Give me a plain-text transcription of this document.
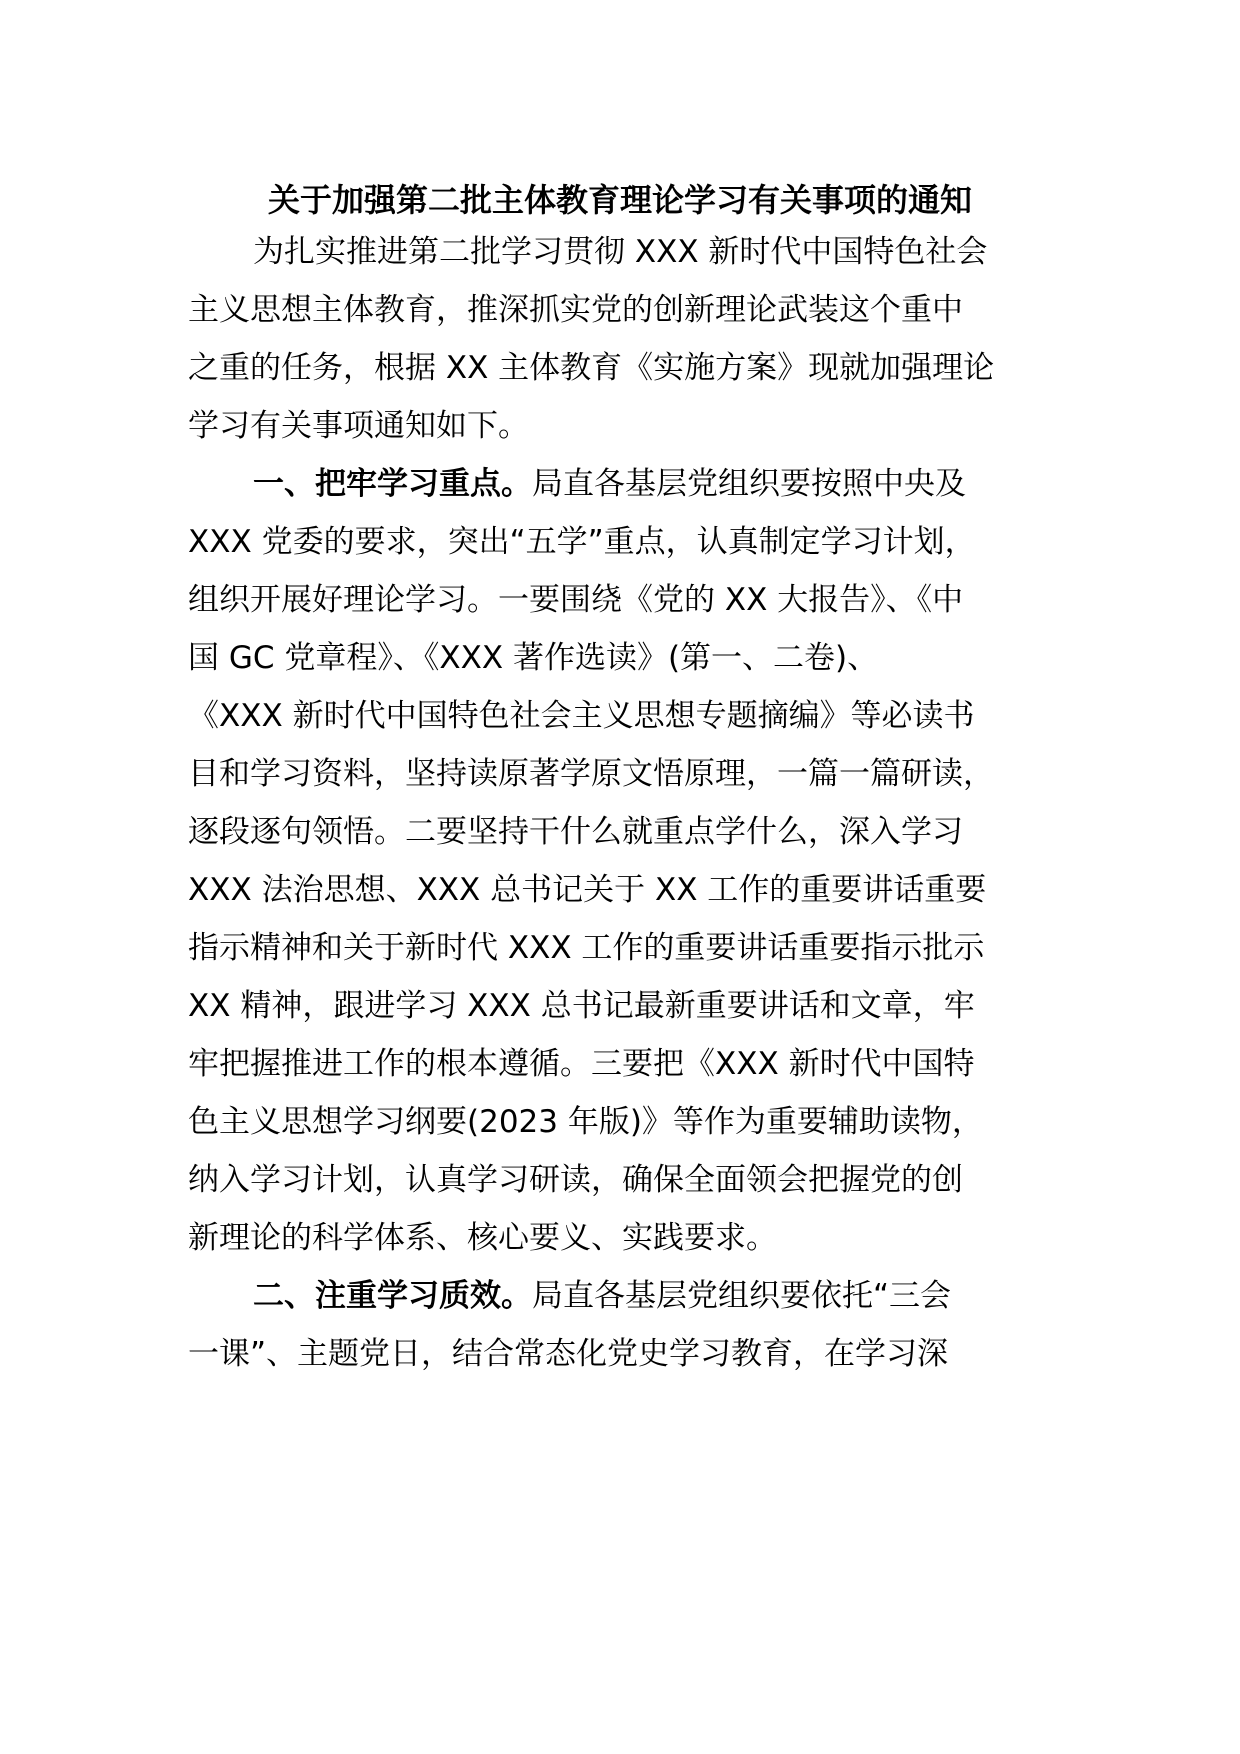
关于加强第二批主体教育理论学习有关事项的通知
为扎实推进第二批学习贯彻 XXX 新时代中国特色社会
主义思想主体教育，推深抓实党的创新理论武装这个重中
之重的任务，根据 XX 主体教育《实施方案》现就加强理论
学习有关事项通知如下。
一、把牢学习重点。局直各基层党组织要按照中央及
XXX 党委的要求，突出“五学”重点，认真制定学习计划，
组织开展好理论学习。一要围绕《党的 XX 大报告》、《中
国 GC 党章程》、《XXX 著作选读》(第一、二卷)、
《XXX 新时代中国特色社会主义思想专题摘编》等必读书
目和学习资料，坚持读原著学原文悟原理，一篇一篇研读，
逐段逐句领悟。二要坚持干什么就重点学什么，深入学习
XXX 法治思想、XXX 总书记关于 XX 工作的重要讲话重要
指示精神和关于新时代 XXX 工作的重要讲话重要指示批示
XX 精神，跟进学习 XXX 总书记最新重要讲话和文章，牢
牢把握推进工作的根本遵循。三要把《XXX 新时代中国特
色主义思想学习纲要(2023 年版)》等作为重要辅助读物，
纳入学习计划，认真学习研读，确保全面领会把握党的创
新理论的科学体系、核心要义、实践要求。
二、注重学习质效。局直各基层党组织要依托“三会
一课”、主题党日，结合常态化党史学习教育，在学习深
